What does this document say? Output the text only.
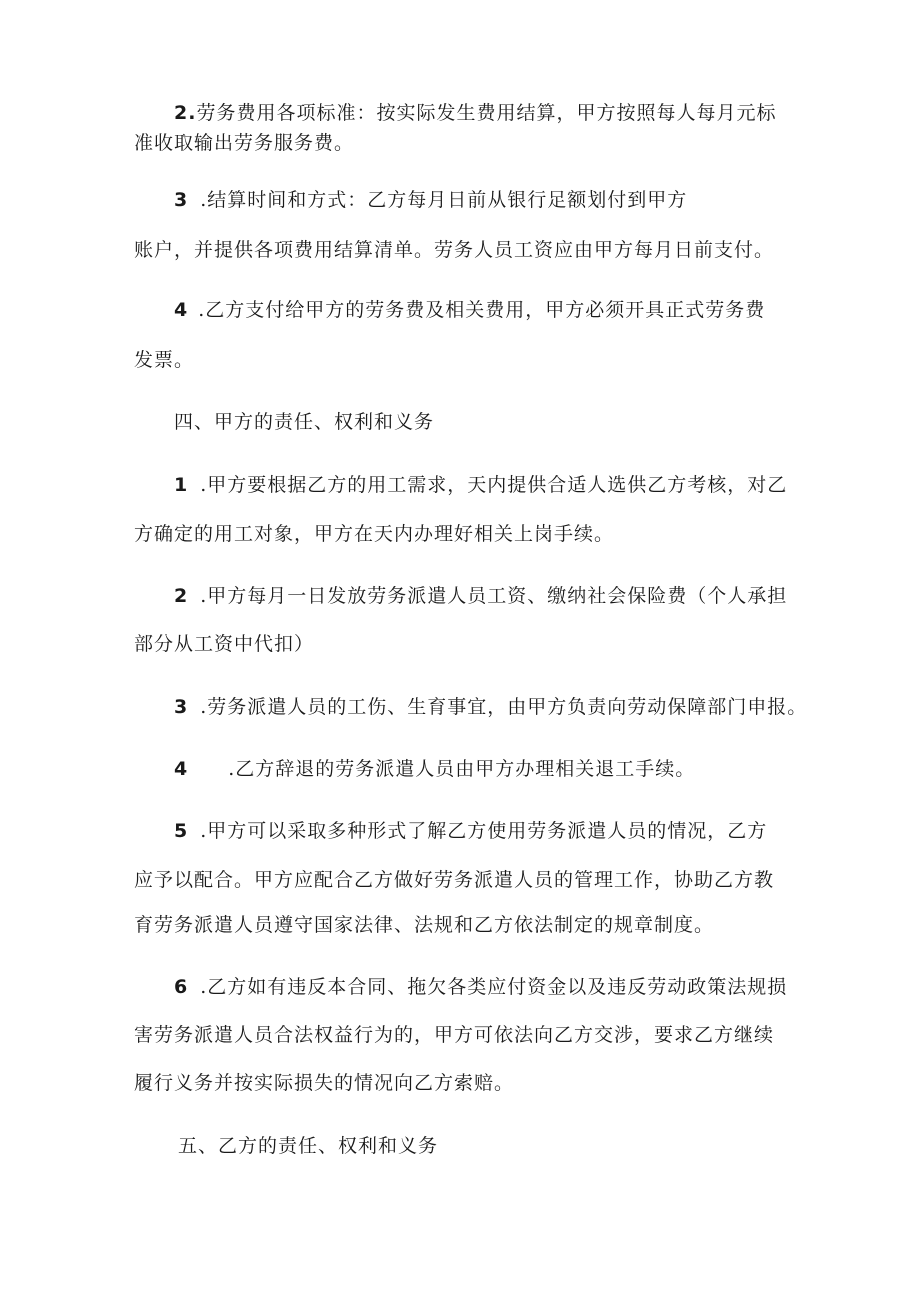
2.劳务费用各项标准：按实际发生费用结算，甲方按照每人每月元标
准收取输出劳务服务费。
3 .结算时间和方式：乙方每月日前从银行足额划付到甲方
账户，并提供各项费用结算清单。劳务人员工资应由甲方每月日前支付。
4 .乙方支付给甲方的劳务费及相关费用，甲方必须开具正式劳务费
发票。
四、甲方的责任、权利和义务
1 .甲方要根据乙方的用工需求，天内提供合适人选供乙方考核，对乙
方确定的用工对象，甲方在天内办理好相关上岗手续。
2 .甲方每月一日发放劳务派遣人员工资、缴纳社会保险费（个人承担
部分从工资中代扣）
3 .劳务派遣人员的工伤、生育事宜，由甲方负责向劳动保障部门申报。
4 .乙方辞退的劳务派遣人员由甲方办理相关退工手续。
5 .甲方可以采取多种形式了解乙方使用劳务派遣人员的情况，乙方
应予以配合。甲方应配合乙方做好劳务派遣人员的管理工作，协助乙方教
育劳务派遣人员遵守国家法律、法规和乙方依法制定的规章制度。
6 .乙方如有违反本合同、拖欠各类应付资金以及违反劳动政策法规损
害劳务派遣人员合法权益行为的，甲方可依法向乙方交涉，要求乙方继续
履行义务并按实际损失的情况向乙方索赔。
五、乙方的责任、权利和义务
